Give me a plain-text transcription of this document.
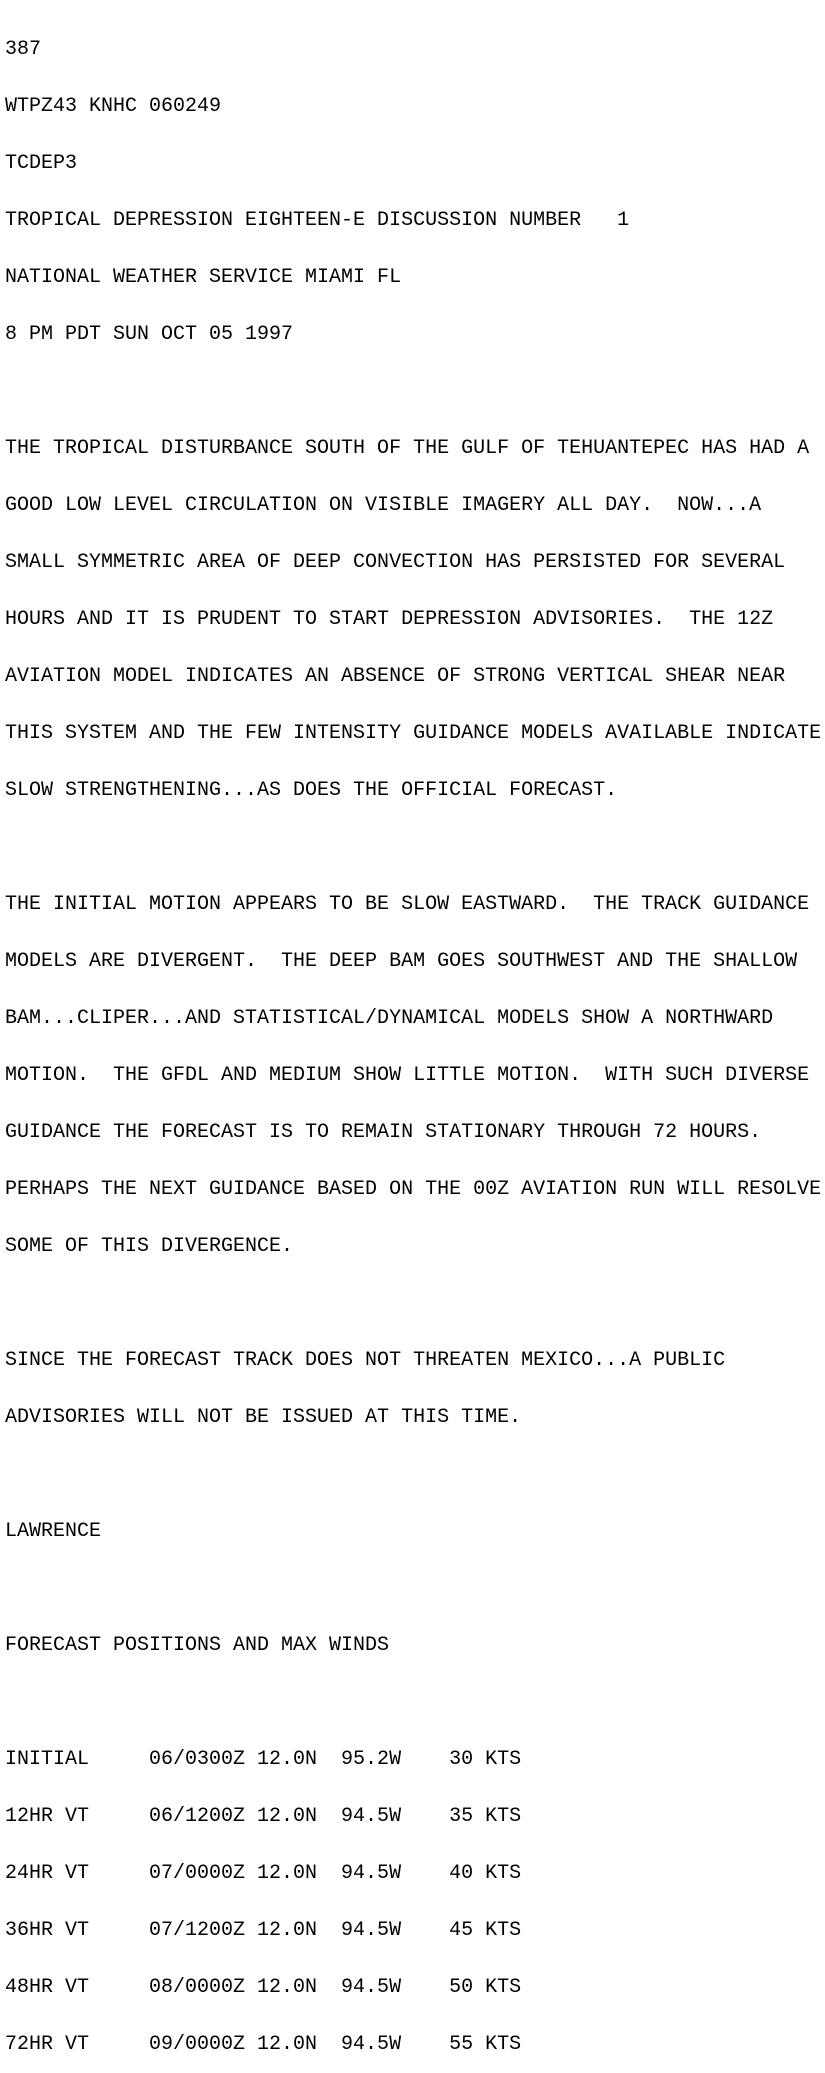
387

WTPZ43 KNHC 060249

TCDEP3

TROPICAL DEPRESSION EIGHTEEN-E DISCUSSION NUMBER   1

NATIONAL WEATHER SERVICE MIAMI FL

8 PM PDT SUN OCT 05 1997

THE TROPICAL DISTURBANCE SOUTH OF THE GULF OF TEHUANTEPEC HAS HAD A

GOOD LOW LEVEL CIRCULATION ON VISIBLE IMAGERY ALL DAY.  NOW...A

SMALL SYMMETRIC AREA OF DEEP CONVECTION HAS PERSISTED FOR SEVERAL

HOURS AND IT IS PRUDENT TO START DEPRESSION ADVISORIES.  THE 12Z

AVIATION MODEL INDICATES AN ABSENCE OF STRONG VERTICAL SHEAR NEAR

THIS SYSTEM AND THE FEW INTENSITY GUIDANCE MODELS AVAILABLE INDICATE

SLOW STRENGTHENING...AS DOES THE OFFICIAL FORECAST.

THE INITIAL MOTION APPEARS TO BE SLOW EASTWARD.  THE TRACK GUIDANCE

MODELS ARE DIVERGENT.  THE DEEP BAM GOES SOUTHWEST AND THE SHALLOW

BAM...CLIPER...AND STATISTICAL/DYNAMICAL MODELS SHOW A NORTHWARD

MOTION.  THE GFDL AND MEDIUM SHOW LITTLE MOTION.  WITH SUCH DIVERSE

GUIDANCE THE FORECAST IS TO REMAIN STATIONARY THROUGH 72 HOURS.

PERHAPS THE NEXT GUIDANCE BASED ON THE 00Z AVIATION RUN WILL RESOLVE

SOME OF THIS DIVERGENCE.

SINCE THE FORECAST TRACK DOES NOT THREATEN MEXICO...A PUBLIC

ADVISORIES WILL NOT BE ISSUED AT THIS TIME.

LAWRENCE

FORECAST POSITIONS AND MAX WINDS

INITIAL     06/0300Z 12.0N  95.2W    30 KTS

12HR VT     06/1200Z 12.0N  94.5W    35 KTS

24HR VT     07/0000Z 12.0N  94.5W    40 KTS

36HR VT     07/1200Z 12.0N  94.5W    45 KTS

48HR VT     08/0000Z 12.0N  94.5W    50 KTS

72HR VT     09/0000Z 12.0N  94.5W    55 KTS
